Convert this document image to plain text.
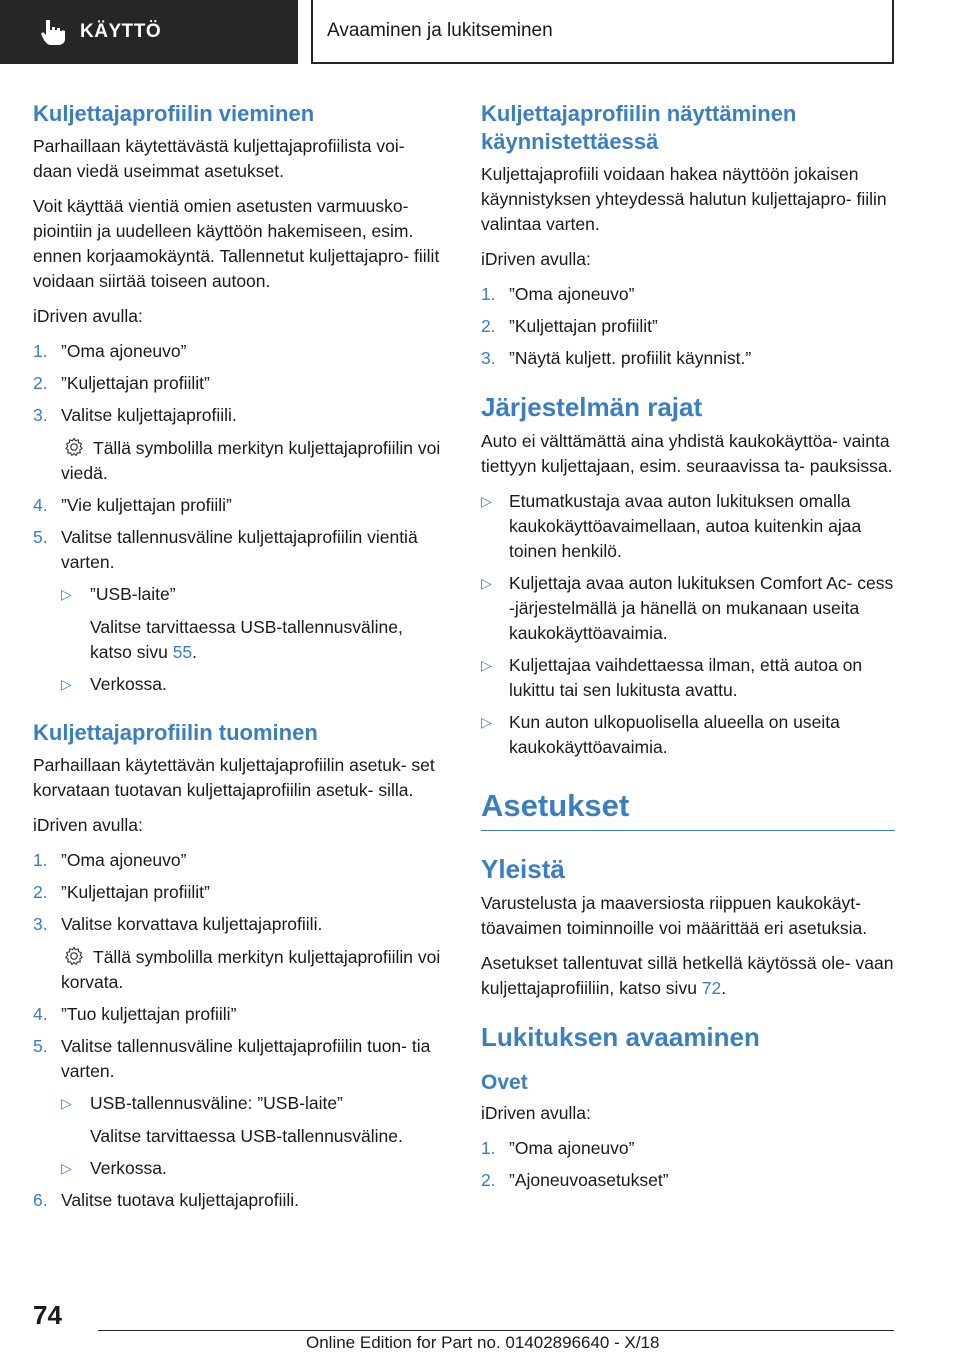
KÄYTTÖ	Avaaminen ja lukitseminen
Kuljettajaprofiilin vieminen

Parhaillaan käytettävästä kuljettajaprofiilista voi- daan viedä useimmat asetukset.

Voit käyttää vientiä omien asetusten varmuusko- piointiin ja uudelleen käyttöön hakemiseen, esim. ennen korjaamokäyntä. Tallennetut kuljettajapro- fiilit voidaan siirtää toiseen autoon.

iDriven avulla:

1. ”Oma ajoneuvo”
2. ”Kuljettajan profiilit”
3. Valitse kuljettajaprofiili.
Tällä symbolilla merkityn kuljettajaprofiilin voi viedä.
4. ”Vie kuljettajan profiili”
5. Valitse tallennusväline kuljettajaprofiilin vientiä varten.
▷ ”USB-laite”
Valitse tarvittaessa USB-tallennusväline,
katso sivu 55.
▷ Verkossa.
Kuljettajaprofiilin tuominen

Parhaillaan käytettävän kuljettajaprofiilin asetuk- set korvataan tuotavan kuljettajaprofiilin asetuk- silla.

iDriven avulla:

1. ”Oma ajoneuvo”
2. ”Kuljettajan profiilit”
3. Valitse korvattava kuljettajaprofiili.
Tällä symbolilla merkityn kuljettajaprofiilin voi korvata.
4. ”Tuo kuljettajan profiili”
5. Valitse tallennusväline kuljettajaprofiilin tuon- tia varten.
▷ USB-tallennusväline: ”USB-laite”
Valitse tarvittaessa USB-tallennusväline.
▷ Verkossa.
6. Valitse tuotava kuljettajaprofiili.
Kuljettajaprofiilin näyttäminen käynnistettäessä

Kuljettajaprofiili voidaan hakea näyttöön jokaisen käynnistyksen yhteydessä halutun kuljettajapro- fiilin valintaa varten.

iDriven avulla:

1. ”Oma ajoneuvo”
2. ”Kuljettajan profiilit”
3. ”Näytä kuljett. profiilit käynnist.”
Järjestelmän rajat

Auto ei välttämättä aina yhdistä kaukokäyttöa- vainta tiettyyn kuljettajaan, esim. seuraavissa ta- pauksissa.

▷ Etumatkustaja avaa auton lukituksen omalla kaukokäyttöavaimellaan, autoa kuitenkin ajaa toinen henkilö.
▷ Kuljettaja avaa auton lukituksen Comfort Ac- cess -järjestelmällä ja hänellä on mukanaan useita kaukokäyttöavaimia.
▷ Kuljettajaa vaihdettaessa ilman, että autoa on lukittu tai sen lukitusta avattu.
▷ Kun auton ulkopuolisella alueella on useita kaukokäyttöavaimia.
Asetukset
Yleistä

Varustelusta ja maaversiosta riippuen kaukokäyt- töavaimen toiminnoille voi määrittää eri asetuksia.

Asetukset tallentuvat sillä hetkellä käytössä ole- vaan kuljettajaprofiiliin, katso sivu 72.

Lukituksen avaaminen
Ovet

iDriven avulla:

1. ”Oma ajoneuvo”
2. ”Ajoneuvoasetukset”
74
Online Edition for Part no. 01402896640 - X/18
